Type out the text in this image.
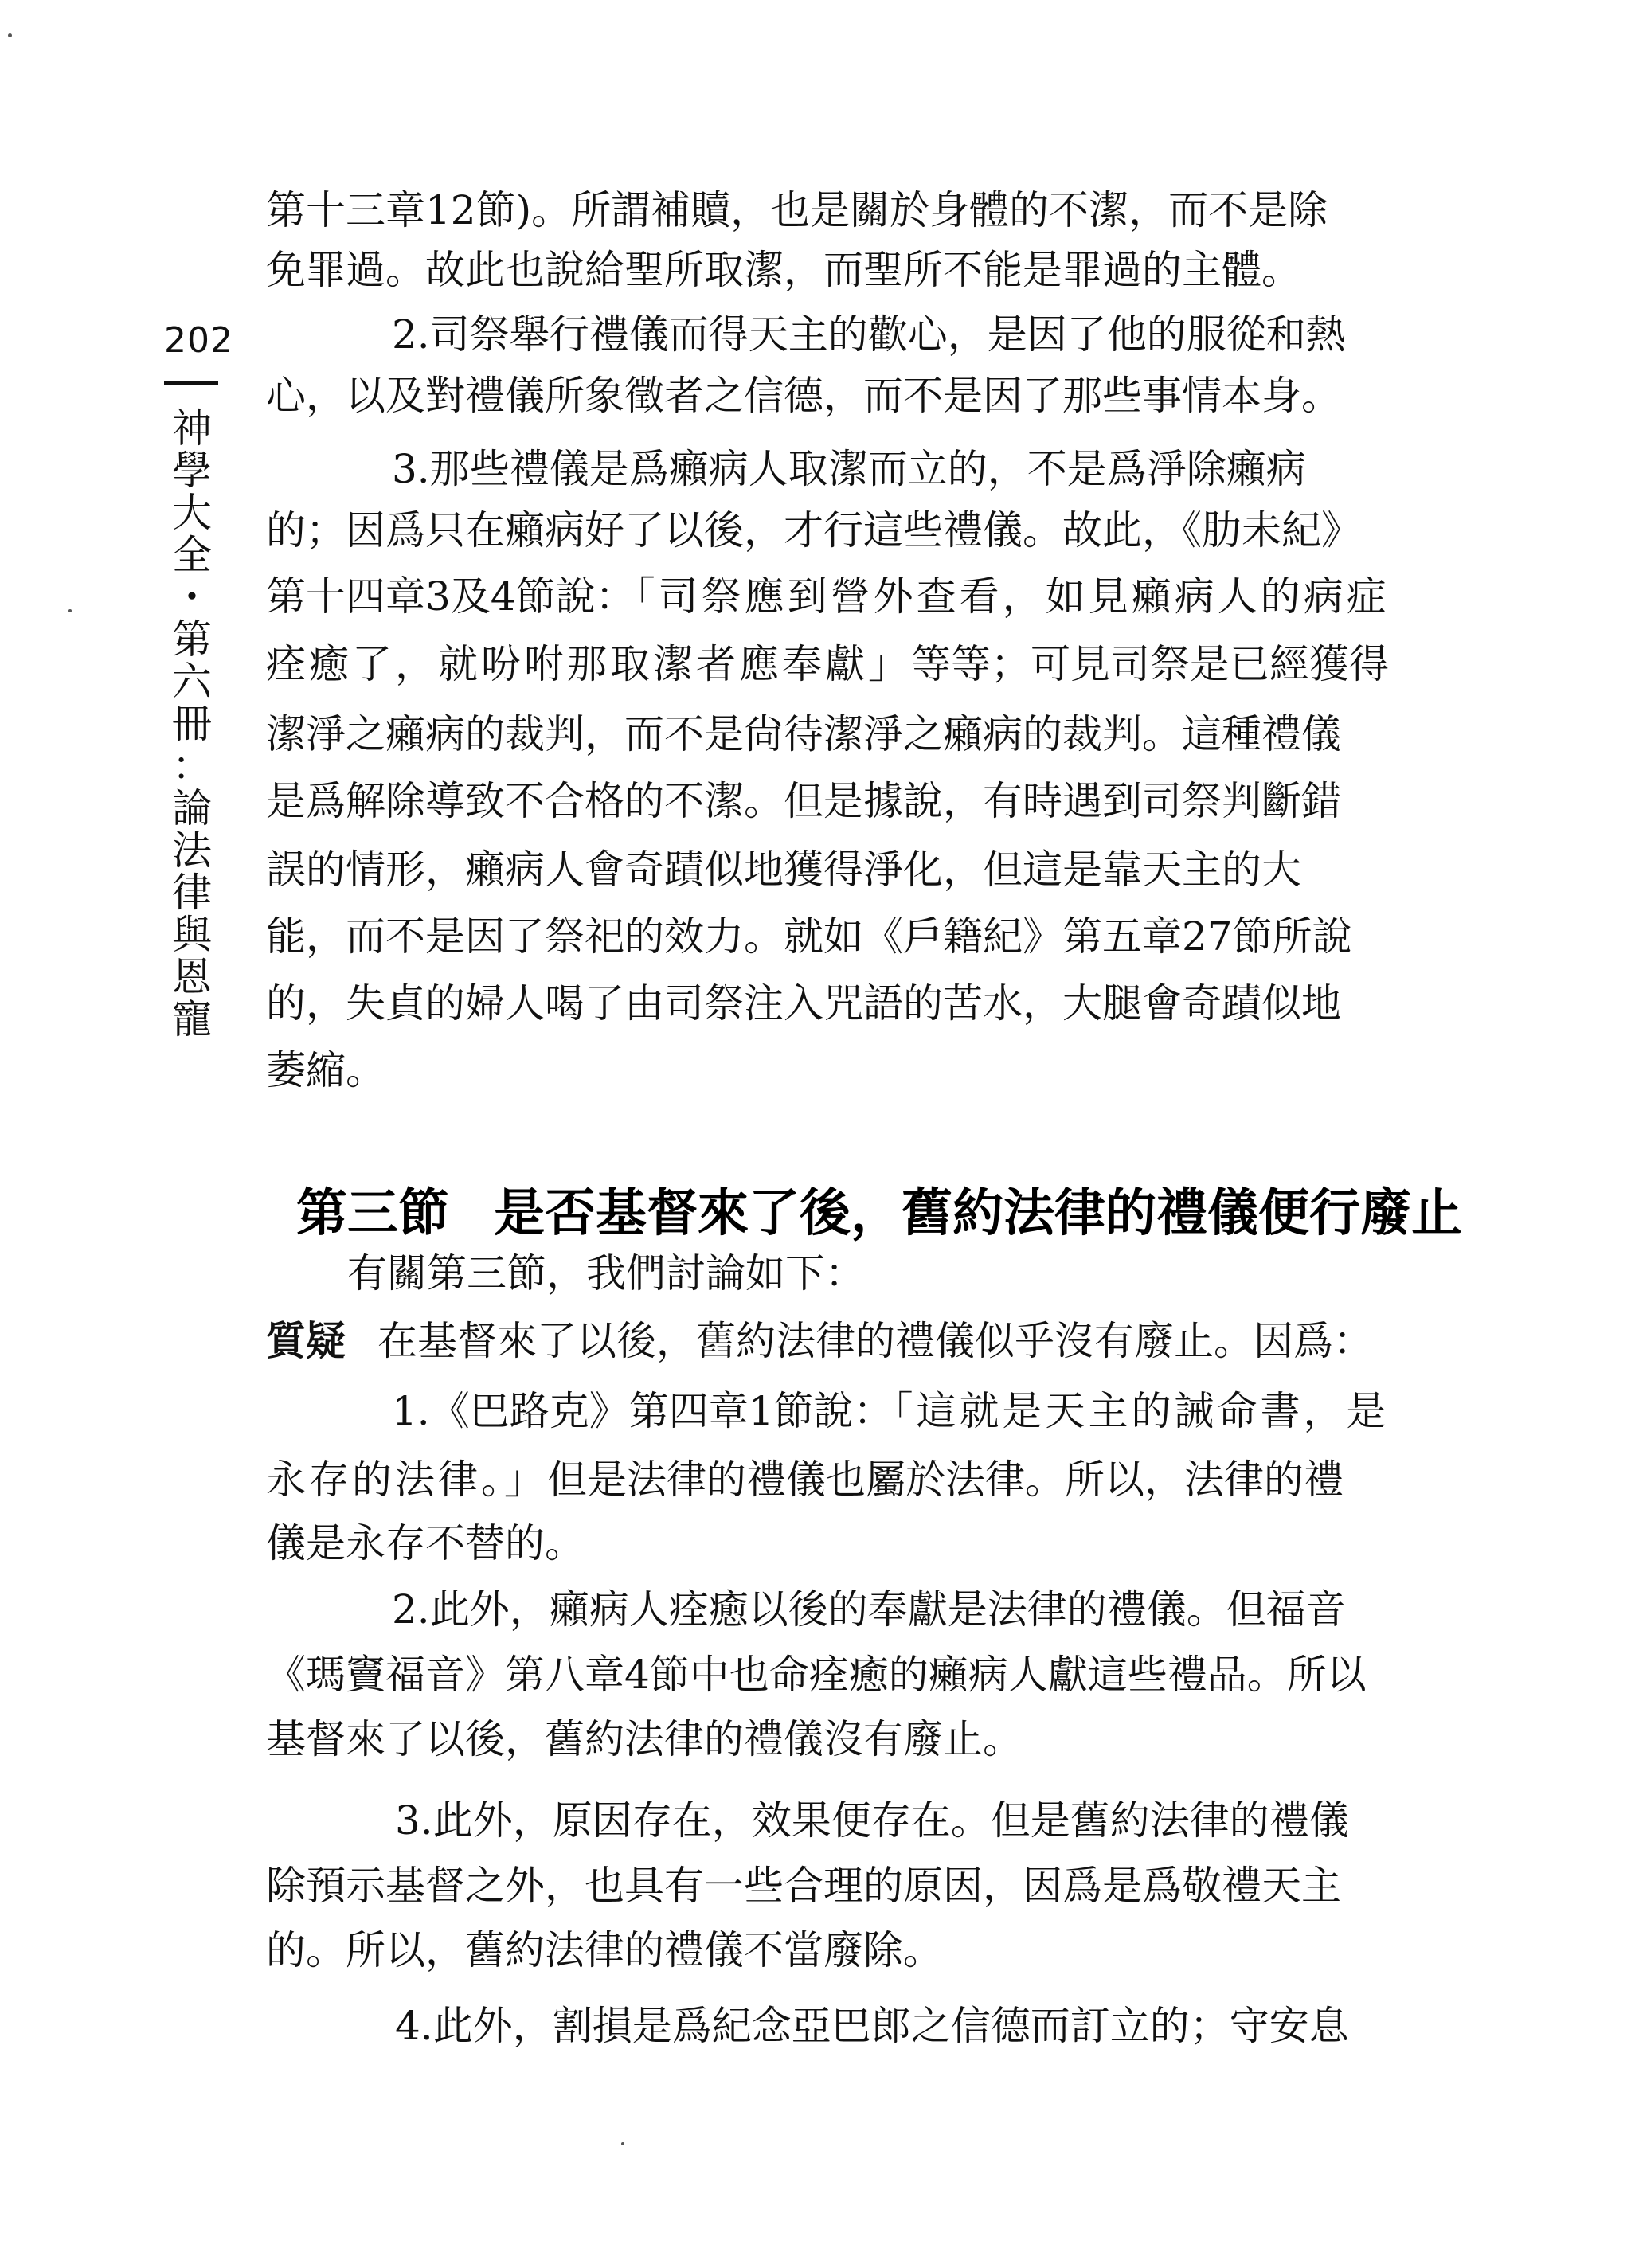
202
神
學
大
全
・
第
六
冊
：
論
法
律
與
恩
寵
第十三章12節)。所謂補贖，也是關於身體的不潔，而不是除
免罪過。故此也說給聖所取潔，而聖所不能是罪過的主體。
2.司祭舉行禮儀而得天主的歡心，是因了他的服從和熱
心，以及對禮儀所象徵者之信德，而不是因了那些事情本身。
3.那些禮儀是爲癩病人取潔而立的，不是爲淨除癩病
的；因爲只在癩病好了以後，才行這些禮儀。故此，《肋未紀》
第十四章3及4節說：「司祭應到營外查看，如見癩病人的病症
痊癒了，就吩咐那取潔者應奉獻」等等；可見司祭是已經獲得
潔淨之癩病的裁判，而不是尙待潔淨之癩病的裁判。這種禮儀
是爲解除導致不合格的不潔。但是據說，有時遇到司祭判斷錯
誤的情形，癩病人會奇蹟似地獲得淨化，但這是靠天主的大
能，而不是因了祭祀的效力。就如《戶籍紀》第五章27節所說
的，失貞的婦人喝了由司祭注入咒語的苦水，大腿會奇蹟似地
萎縮。
第三節 是否基督來了後，舊約法律的禮儀便行廢止
有關第三節，我們討論如下：
質疑 在基督來了以後，舊約法律的禮儀似乎沒有廢止。因爲：
1.《巴路克》第四章1節說：「這就是天主的誡命書，是
永存的法律。」但是法律的禮儀也屬於法律。所以，法律的禮
儀是永存不替的。
2.此外，癩病人痊癒以後的奉獻是法律的禮儀。但福音
《瑪竇福音》第八章4節中也命痊癒的癩病人獻這些禮品。所以
基督來了以後，舊約法律的禮儀沒有廢止。
3.此外，原因存在，效果便存在。但是舊約法律的禮儀
除預示基督之外，也具有一些合理的原因，因爲是爲敬禮天主
的。所以，舊約法律的禮儀不當廢除。
4.此外，割損是爲紀念亞巴郎之信德而訂立的；守安息
